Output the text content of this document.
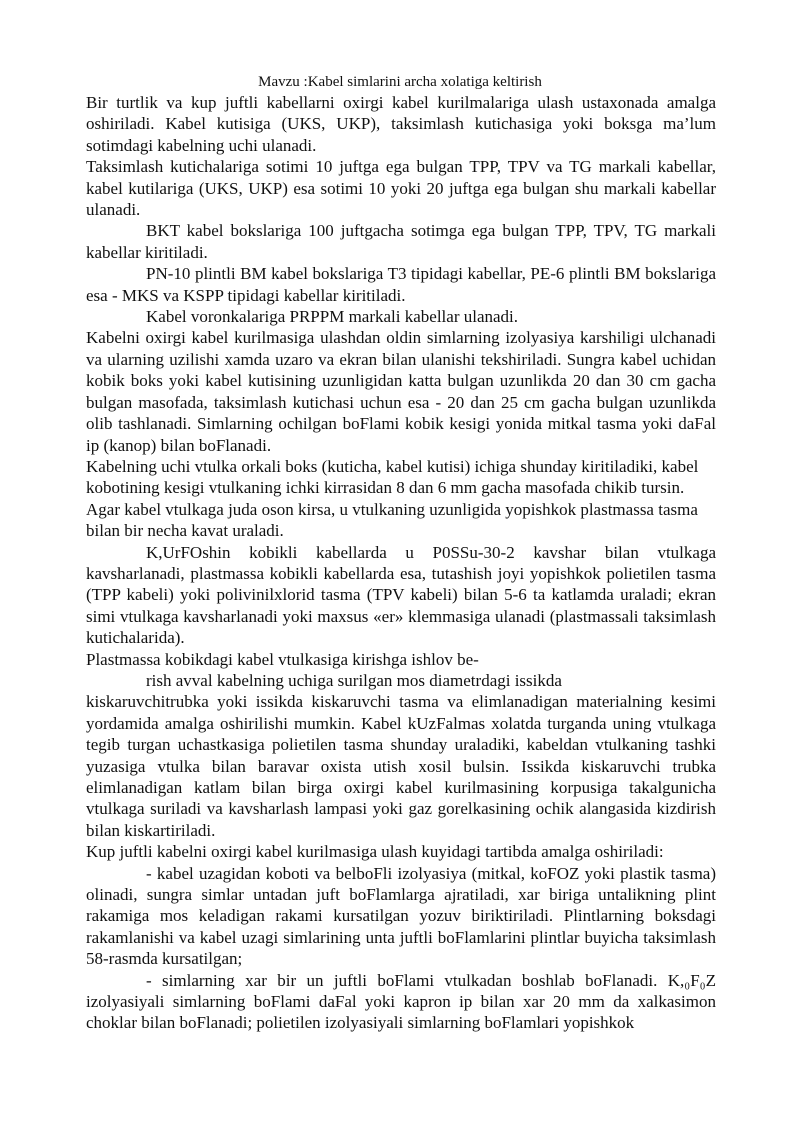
Mavzu :Kabel simlarini archa xolatiga keltirish

Bir turtlik va kup juftli kabellarni oxirgi kabel kurilmalariga ulash ustaxonada amalga oshiriladi. Kabel kutisiga (UKS, UKP), taksimlash kutichasiga yoki boksga ma’lum sotimdagi kabelning uchi ulanadi.

Taksimlash kutichalariga sotimi 10 juftga ega bulgan TPP, TPV va TG markali kabellar, kabel kutilariga (UKS, UKP) esa sotimi 10 yoki 20 juftga ega bulgan shu markali kabellar ulanadi.

BKT kabel bokslariga 100 juftgacha sotimga ega bulgan TPP, TPV, TG markali kabellar kiritiladi.

PN-10 plintli BM kabel bokslariga T3 tipidagi kabellar, PE-6 plintli BM bokslariga esa - MKS va KSPP tipidagi kabellar kiritiladi.

Kabel voronkalariga PRPPM markali kabellar ulanadi.

Kabelni oxirgi kabel kurilmasiga ulashdan oldin simlarning izolyasiya karshiligi ulchanadi va ularning uzilishi xamda uzaro va ekran bilan ulanishi tekshiriladi. Sungra kabel uchidan kobik boks yoki kabel kutisining uzunligidan katta bulgan uzunlikda 20 dan 30 cm gacha bulgan masofada, taksimlash kutichasi uchun esa - 20 dan 25 cm gacha bulgan uzunlikda olib tashlanadi. Simlarning ochilgan boFlami kobik kesigi yonida mitkal tasma yoki daFal ip (kanop) bilan boFlanadi.

Kabelning uchi vtulka orkali boks (kuticha, kabel kutisi) ichiga shunday kiritiladiki, kabel kobotining kesigi vtulkaning ichki kirrasidan 8 dan 6 mm gacha masofada chikib tursin. Agar kabel vtulkaga juda oson kirsa, u vtulkaning uzunligida yopishkok plastmassa tasma bilan bir necha kavat uraladi.

K,UrFOshin kobikli kabellarda u P0SSu-30-2 kavshar bilan vtulkaga kavsharlanadi, plastmassa kobikli kabellarda esa, tutashish joyi yopishkok polietilen tasma (TPP kabeli) yoki polivinilxlorid tasma (TPV kabeli) bilan 5-6 ta katlamda uraladi; ekran simi vtulkaga kavsharlanadi yoki maxsus «er» klemmasiga ulanadi (plastmassali taksimlash kutichalarida).

Plastmassa kobikdagi kabel vtulkasiga kirishga ishlov be-

rish avval kabelning uchiga surilgan mos diametrdagi issikda

kiskaruvchitrubka yoki issikda kiskaruvchi tasma va elimlanadigan materialning kesimi yordamida amalga oshirilishi mumkin. Kabel kUzFalmas xolatda turganda uning vtulkaga tegib turgan uchastkasiga polietilen tasma shunday uraladiki, kabeldan vtulkaning tashki yuzasiga vtulka bilan baravar oxista utish xosil bulsin. Issikda kiskaruvchi trubka elimlanadigan katlam bilan birga oxirgi kabel kurilmasining korpusiga takalgunicha vtulkaga suriladi va kavsharlash lampasi yoki gaz gorelkasining ochik alangasida kizdirish bilan kiskartiriladi.

Kup juftli kabelni oxirgi kabel kurilmasiga ulash kuyidagi tartibda amalga oshiriladi:

- kabel uzagidan koboti va belboFli izolyasiya (mitkal, koFOZ yoki plastik tasma) olinadi, sungra simlar untadan juft boFlamlarga ajratiladi, xar biriga untalikning plint rakamiga mos keladigan rakami kursatilgan yozuv biriktiriladi. Plintlarning boksdagi rakamlanishi va kabel uzagi simlarining unta juftli boFlamlarini plintlar buyicha taksimlash 58-rasmda kursatilgan;

- simlarning xar bir un juftli boFlami vtulkadan boshlab boFlanadi. K,₀F₀Z izolyasiyali simlarning boFlami daFal yoki kapron ip bilan xar 20 mm da xalkasimon choklar bilan boFlanadi; polietilen izolyasiyali simlarning boFlamlari yopishkok
